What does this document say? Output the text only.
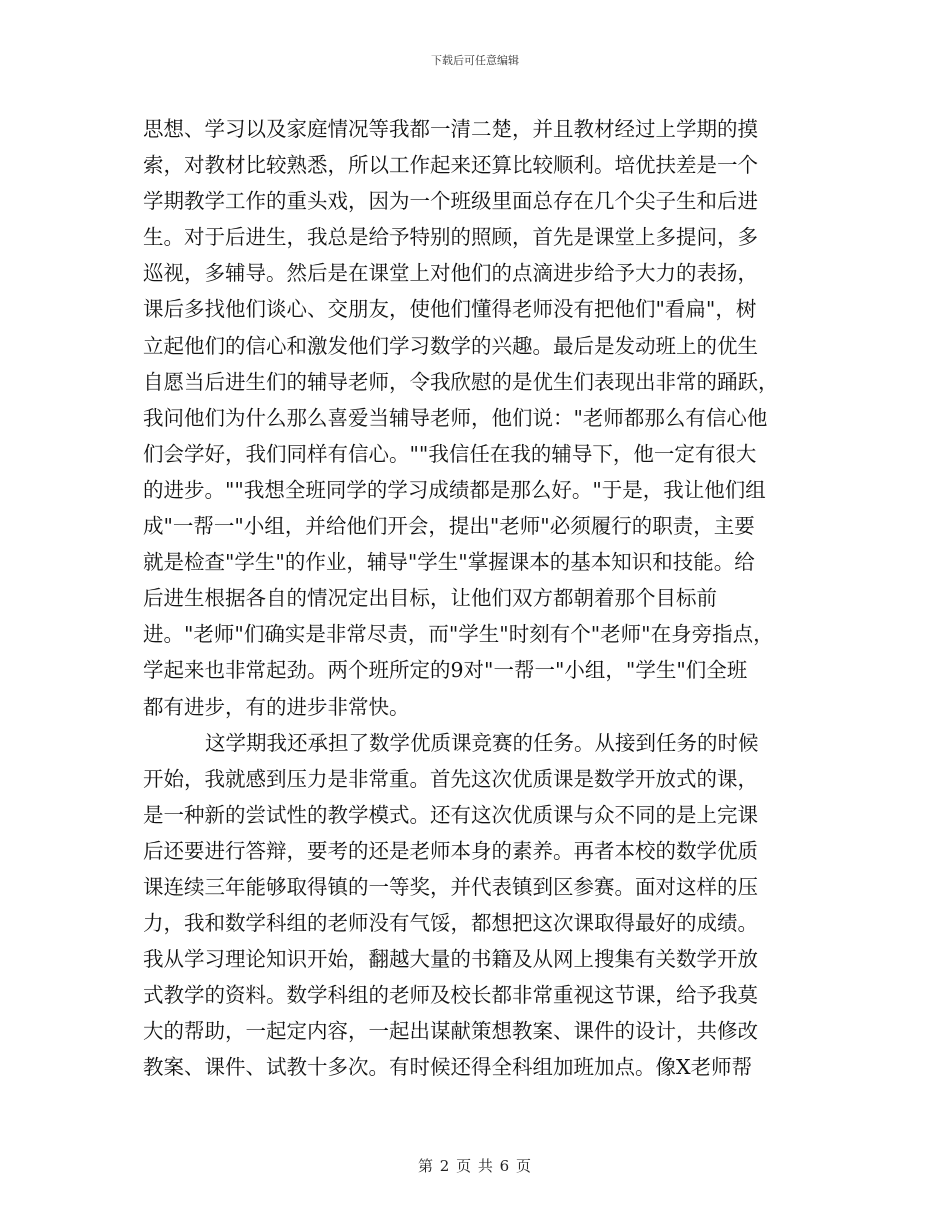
下载后可任意编辑
思想、学习以及家庭情况等我都一清二楚，并且教材经过上学期的摸
索，对教材比较熟悉，所以工作起来还算比较顺利。培优扶差是一个
学期教学工作的重头戏，因为一个班级里面总存在几个尖子生和后进
生。对于后进生，我总是给予特别的照顾，首先是课堂上多提问，多
巡视，多辅导。然后是在课堂上对他们的点滴进步给予大力的表扬，
课后多找他们谈心、交朋友，使他们懂得老师没有把他们"看扁"，树
立起他们的信心和激发他们学习数学的兴趣。最后是发动班上的优生
自愿当后进生们的辅导老师，令我欣慰的是优生们表现出非常的踊跃，
我问他们为什么那么喜爱当辅导老师，他们说："老师都那么有信心他
们会学好，我们同样有信心。""我信任在我的辅导下，他一定有很大
的进步。""我想全班同学的学习成绩都是那么好。"于是，我让他们组
成"一帮一"小组，并给他们开会，提出"老师"必须履行的职责，主要
就是检查"学生"的作业，辅导"学生"掌握课本的基本知识和技能。给
后进生根据各自的情况定出目标，让他们双方都朝着那个目标前
进。"老师"们确实是非常尽责，而"学生"时刻有个"老师"在身旁指点，
学起来也非常起劲。两个班所定的9对"一帮一"小组，"学生"们全班
都有进步，有的进步非常快。
这学期我还承担了数学优质课竞赛的任务。从接到任务的时候
开始，我就感到压力是非常重。首先这次优质课是数学开放式的课，
是一种新的尝试性的教学模式。还有这次优质课与众不同的是上完课
后还要进行答辩，要考的还是老师本身的素养。再者本校的数学优质
课连续三年能够取得镇的一等奖，并代表镇到区参赛。面对这样的压
力，我和数学科组的老师没有气馁，都想把这次课取得最好的成绩。
我从学习理论知识开始，翻越大量的书籍及从网上搜集有关数学开放
式教学的资料。数学科组的老师及校长都非常重视这节课，给予我莫
大的帮助，一起定内容，一起出谋献策想教案、课件的设计，共修改
教案、课件、试教十多次。有时候还得全科组加班加点。像X老师帮
第 2 页 共 6 页
